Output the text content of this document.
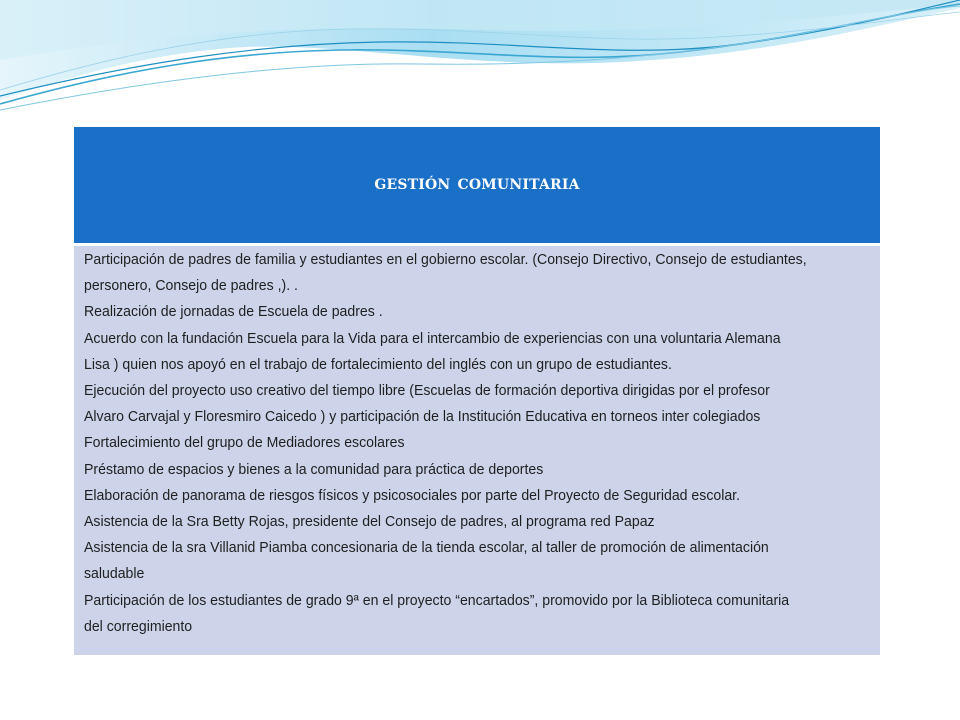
GESTIÓN COMUNITARIA
Participación de padres de familia y estudiantes en el gobierno escolar. (Consejo Directivo, Consejo de estudiantes,
personero, Consejo de padres ,). .
Realización de jornadas de Escuela de padres .
Acuerdo con la fundación Escuela para la Vida para el intercambio de experiencias con una voluntaria Alemana
Lisa ) quien nos apoyó en el trabajo de fortalecimiento del inglés con un grupo de estudiantes.
Ejecución del proyecto uso creativo del tiempo libre (Escuelas de formación deportiva dirigidas por el profesor
Alvaro Carvajal y Floresmiro Caicedo ) y participación de la Institución Educativa en torneos inter colegiados
Fortalecimiento del grupo de Mediadores escolares
Préstamo de espacios y bienes a la comunidad para práctica de deportes
Elaboración de panorama de riesgos físicos y psicosociales por parte del Proyecto de Seguridad escolar.
Asistencia de la Sra Betty Rojas, presidente del Consejo de padres, al programa red Papaz
Asistencia de la sra Villanid Piamba concesionaria de la tienda escolar, al taller de promoción de alimentación
saludable
Participación de los estudiantes de grado 9ª en el proyecto “encartados”, promovido por la Biblioteca comunitaria
del corregimiento
